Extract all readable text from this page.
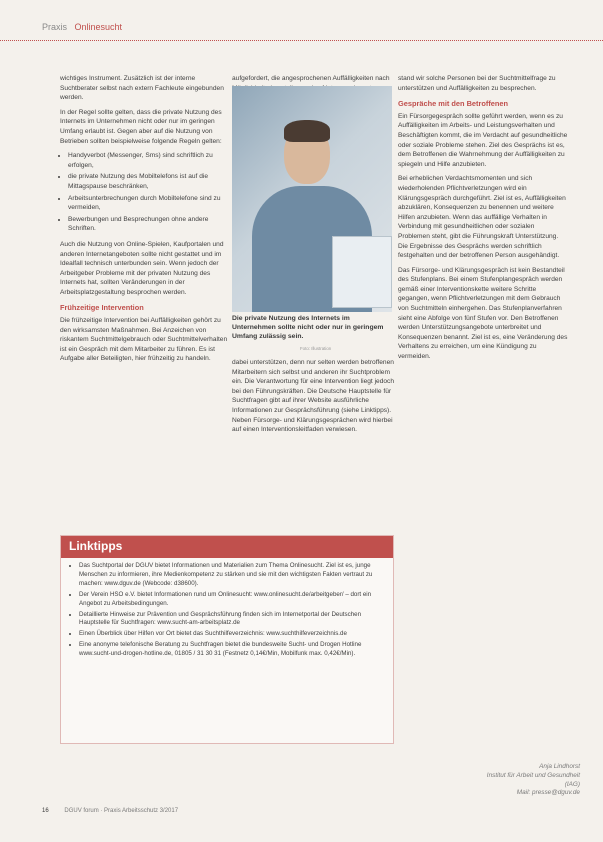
Praxis Onlinesucht

wichtiges Instrument. Zusätzlich ist der interne Suchtberater selbst nach extern Fachleute eingebunden werden.

In der Regel sollte gelten, dass die private Nutzung des Internets im Unternehmen nicht oder nur im geringen Umfang erlaubt ist. Gegen aber auf die Nutzung von Betrieben sollten beispielweise folgende Regeln gelten:

• Handyverbot (Messenger, Sms) sind schriftlich zu erfolgen,
• die private Nutzung des Mobiltelefons ist auf die Mittagspause beschränken,
• Arbeitsunterbrechungen durch Mobiltelefone sind zu vermeiden,
• Bewerbungen und Besprechungen ohne andere Schriften.

Auch die Nutzung von Online-Spielen, Kaufportalen und anderen Internetangeboten sollte nicht gestattet und im Idealfall technisch unterbunden sein. Wenn jedoch der Arbeitgeber Probleme mit der privaten Nutzung des Internets hat, sollten Veränderungen in der Arbeitsplatzgestaltung besprochen werden.

Frühzeitige Intervention

Die frühzeitige Intervention bei Auffälligkeiten gehört zu den wirksamsten Maßnahmen. Bei Anzeichen von riskantem Suchtmittelgebrauch oder Suchtmittelverhalten ist ein Gespräch mit dem Mitarbeiter zu führen. Es ist Aufgabe aller Beteiligten, hier frühzeitig zu handeln.

aufgefordert, die angesprochenen Auffälligkeiten nach

Die private Nutzung des Internets im Unternehmen sollte nicht oder nur in geringem Umfang zulässig sein.
Foto: Illustration

dabei unterstützen, denn nur selten werden betroffenen Mitarbeitern sich selbst und anderen ihr Suchtproblem ein. Die Verantwortung für eine Intervention liegt jedoch bei den Führungskräften. Die Deutsche Hauptstelle für Suchtfragen gibt auf ihrer Website ausführliche Informationen zur Gesprächsführung (siehe Linktipps). Neben Fürsorge- und Klärungsgesprächen wird hierbei auf einen Interventionsleitfaden verwiesen.

stand wir solche Personen bei der Suchtmittelfrage zu unterstützen und Auffälligkeiten zu besprechen.

Gespräche mit den Betroffenen

Ein Fürsorgegespräch sollte geführt werden, wenn es zu Auffälligkeiten im Arbeits- und Leistungsverhalten und Beschäftigten kommt, die im Verdacht auf gesundheitliche oder soziale Probleme stehen. Ziel des Gesprächs ist es, dem Betroffenen die Wahrnehmung der Auffälligkeiten zu spiegeln und Hilfe anzubieten.

Bei erheblichen Verdachtsmomenten und sich wiederholenden Pflichtverletzungen wird ein Klärungsgespräch durchgeführt. Ziel ist es, Auffälligkeiten abzuklären, Konsequenzen zu benennen und weitere Hilfen anzubieten. Wenn das auffällige Verhalten in Verbindung mit gesundheitlichen oder sozialen Problemen steht, gibt die Führungskraft Unterstützung. Die Ergebnisse des Gesprächs werden schriftlich festgehalten und der betroffenen Person ausgehändigt.

Das Fürsorge- und Klärungsgespräch ist kein Bestandteil des Stufenplans. Bei einem Stufenplangespräch werden gemäß einer Interventionskette weitere Schritte gegangen, wenn Pflichtverletzungen mit dem Gebrauch von Suchtmitteln einhergehen. Das Stufenplanverfahren sieht eine Abfolge von fünf Stufen vor. Den Betroffenen werden Unterstützungsangebote unterbreitet und Konsequenzen benannt. Ziel ist es, eine Veränderung des Verhaltens zu erreichen, um eine Kündigung zu vermeiden.

Linktipps
• Das Suchtportal der DGUV bietet Informationen und Materialien zum Thema Onlinesucht. Ziel ist es, junge Menschen zu informieren, ihre Medienkompetenz zu stärken und sie mit den wichtigsten Fakten vertraut zu machen: www.dguv.de (Webcode: d38600).
• Der Verein HSO e.V. bietet Informationen rund um Onlinesucht: www.onlinesucht.de/arbeitgeber/ – dort ein Angebot zu Arbeitsbedingungen.
• Detaillierte Hinweise zur Prävention und Gesprächsführung finden sich im Internetportal der Deutschen Hauptstelle für Suchtfragen: www.sucht-am-arbeitsplatz.de
• Einen Überblick über Hilfen vor Ort bietet das Suchthilfeverzeichnis: www.suchthilfeverzeichnis.de
• Eine anonyme telefonische Beratung zu Suchtfragen bietet die bundesweite Sucht- und Drogen Hotline www.sucht-und-drogen-hotline.de, 01805 / 31 30 31 (Festnetz 0,14€/Min, Mobilfunk max. 0,42€/Min).
Anja Lindhorst
Institut für Arbeit und Gesundheit (IAG)
Mail: presse@dguv.de
16	DGUV forum · Praxis Arbeitsschutz 3/2017
